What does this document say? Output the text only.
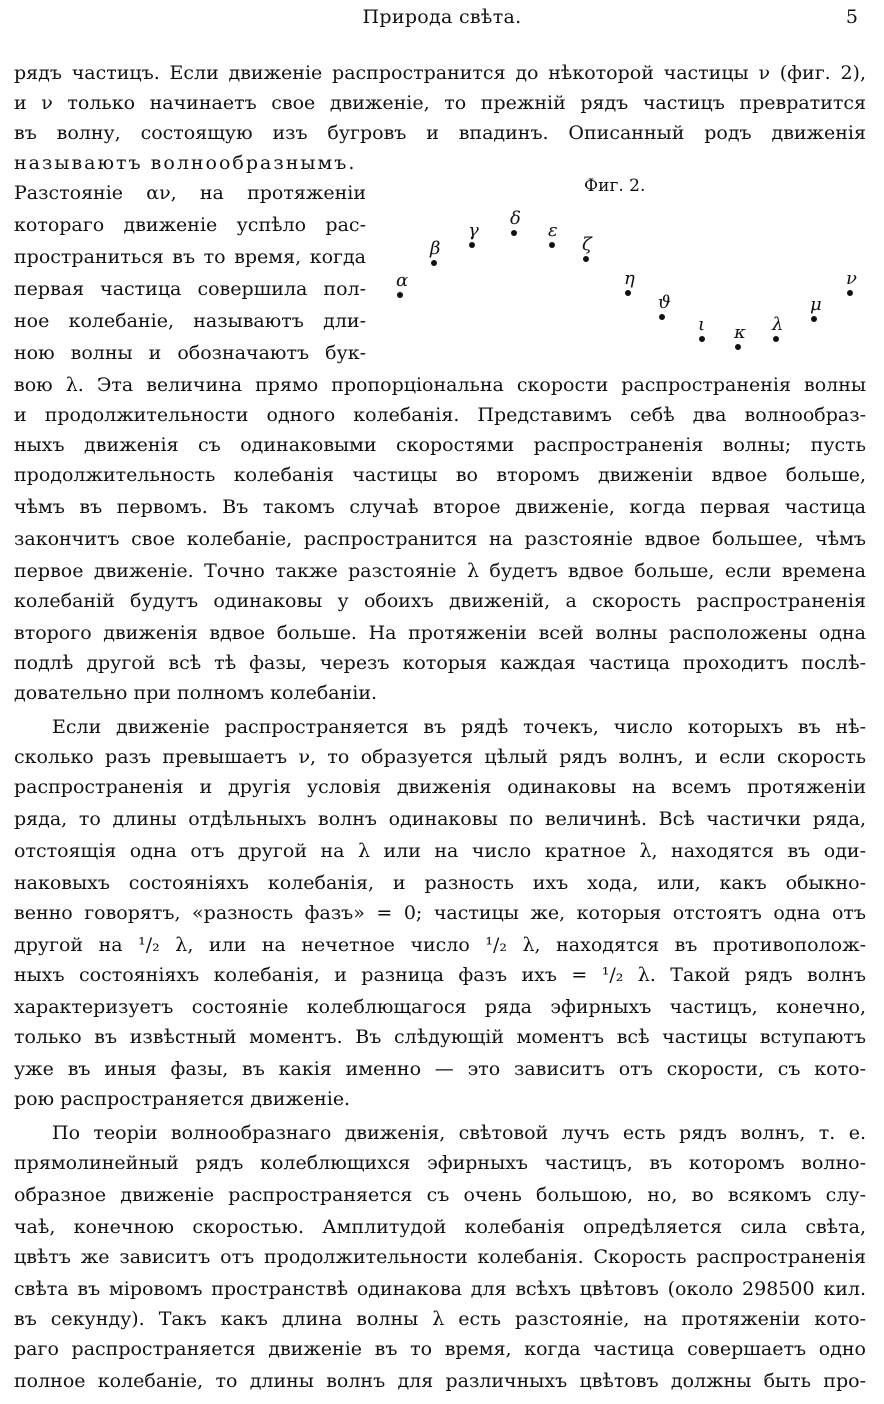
Природа свѣта.	5
рядъ частицъ. Если движенiе распространится до нѣкоторой частицы ν (фиг. 2),
и ν только начинаетъ свое движенiе, то прежнiй рядъ частицъ превратится
въ волну, состоящую изъ бугровъ и впадинъ. Описанный родъ движенiя
называютъ волнообразнымъ.
Разстоянiе αν, на протяженiи
котораго движенiе успѣло рас-
пространиться въ то время, когда
первая частица совершила пол-
ное колебанiе, называютъ дли-
ною волны и обозначаютъ бук-
вою λ. Эта величина прямо пропорцiональна скорости распространенiя волны
и продолжительности одного колебанiя. Представимъ себѣ два волнообраз-
ныхъ движенiя съ одинаковыми скоростями распространенiя волны; пусть
продолжительность колебанiя частицы во второмъ движенiи вдвое больше,
чѣмъ въ первомъ. Въ такомъ случаѣ второе движенiе, когда первая частица
закончитъ свое колебанiе, распространится на разстоянiе вдвое большее, чѣмъ
первое движенiе. Точно также разстоянiе λ будетъ вдвое больше, если времена
колебанiй будутъ одинаковы у обоихъ движенiй, а скорость распространенiя
второго движенiя вдвое больше. На протяженiи всей волны расположены одна
подлѣ другой всѣ тѣ фазы, черезъ которыя каждая частица проходитъ послѣ-
довательно при полномъ колебанiи.
Если движенiе распространяется въ рядѣ точекъ, число которыхъ въ нѣ-
сколько разъ превышаетъ ν, то образуется цѣлый рядъ волнъ, и если скорость
распространенiя и другiя условiя движенiя одинаковы на всемъ протяженiи
ряда, то длины отдѣльныхъ волнъ одинаковы по величинѣ. Всѣ частички ряда,
отстоящiя одна отъ другой на λ или на число кратное λ, находятся въ оди-
наковыхъ состоянiяхъ колебанiя, и разность ихъ хода, или, какъ обыкно-
венно говорятъ, «разность фазъ» = 0; частицы же, которыя отстоятъ одна отъ
другой на ¹/₂ λ, или на нечетное число ¹/₂ λ, находятся въ противополож-
ныхъ состоянiяхъ колебанiя, и разница фазъ ихъ = ¹/₂ λ. Такой рядъ волнъ
характеризуетъ состоянiе колеблющагося ряда эфирныхъ частицъ, конечно,
только въ извѣстный моментъ. Въ слѣдующiй моментъ всѣ частицы вступаютъ
уже въ иныя фазы, въ какiя именно — это зависитъ отъ скорости, съ кото-
рою распространяется движенiе.
По теорiи волнообразнаго движенiя, свѣтовой лучъ есть рядъ волнъ, т. е.
прямолинейный рядъ колеблющихся эфирныхъ частицъ, въ которомъ волно-
образное движенiе распространяется съ очень большою, но, во всякомъ слу-
чаѣ, конечною скоростью. Амплитудой колебанiя опредѣляется сила свѣта,
цвѣтъ же зависитъ отъ продолжительности колебанiя. Скорость распространенiя
свѣта въ мiровомъ пространствѣ одинакова для всѣхъ цвѣтовъ (около 298500 кил.
въ секунду). Такъ какъ длина волны λ есть разстоянiе, на протяженiи кото-
раго распространяется движенiе въ то время, когда частица совершаетъ одно
полное колебанiе, то длины волнъ для различныхъ цвѣтовъ должны быть про-
Фиг. 2.
α
β
γ
δ
ε
ζ
η
ϑ
ι κ λ
μ
ν
